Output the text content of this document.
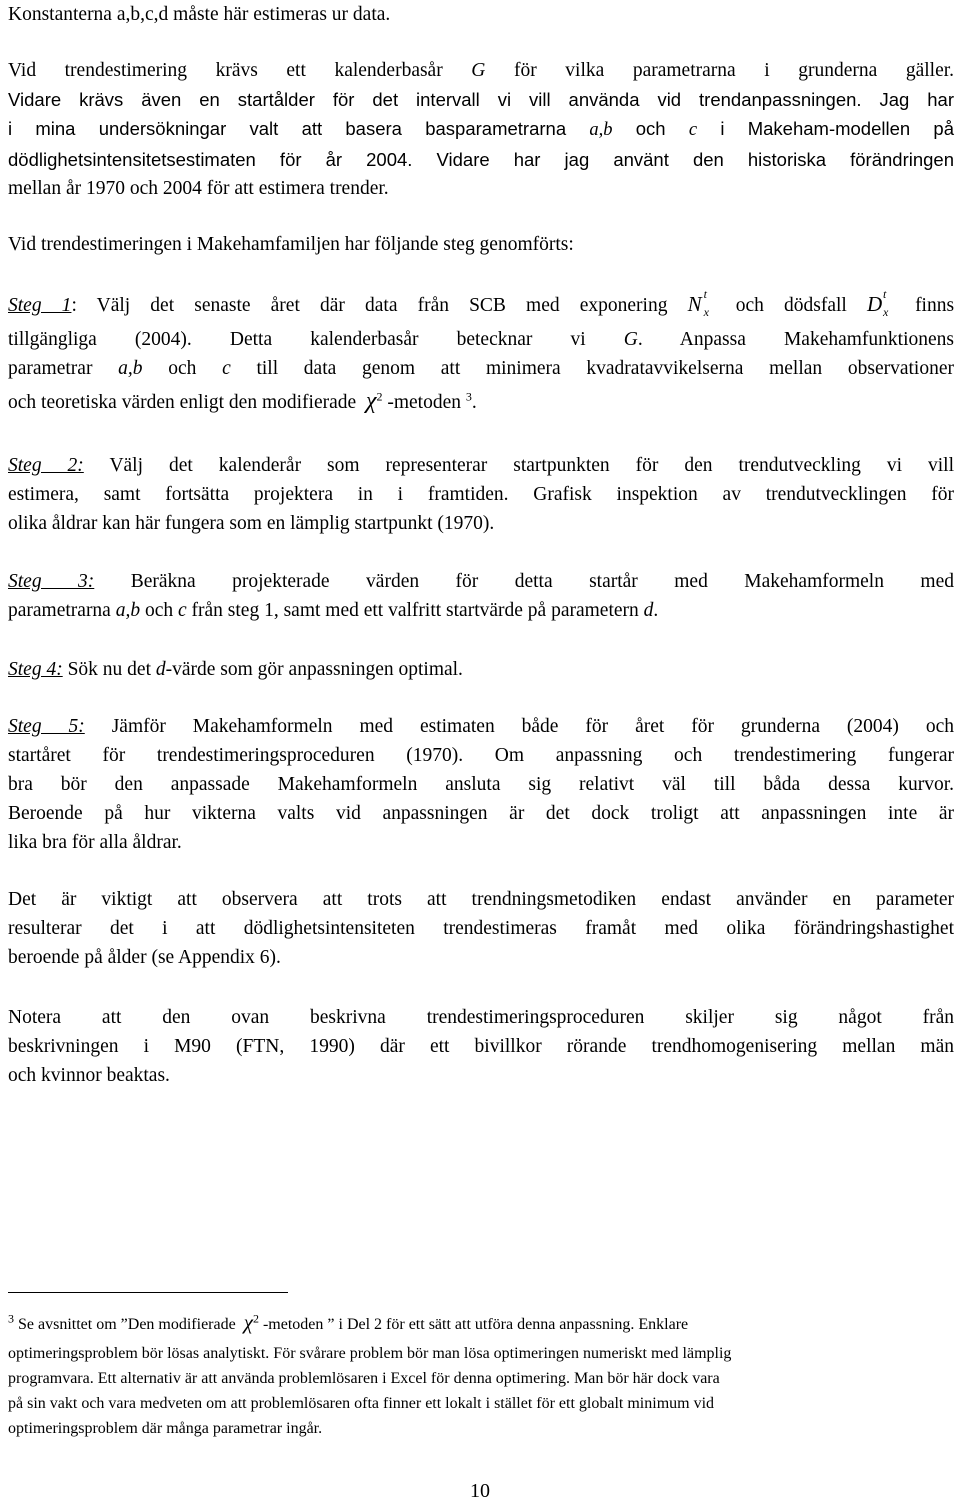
Konstanterna a,b,c,d måste här estimeras ur data.

Vid trendestimering krävs ett kalenderbasår G för vilka parametrarna i grunderna gäller.
Vidare krävs även en startålder för det intervall vi vill använda vid trendanpassningen. Jag har
i mina undersökningar valt att basera basparametrarna a,b och c i Makeham-modellen på
dödlighetsintensitetsestimaten för år 2004. Vidare har jag använt den historiska förändringen
mellan år 1970 och 2004 för att estimera trender.

Vid trendestimeringen i Makehamfamiljen har följande steg genomförts:

Steg 1: Välj det senaste året där data från SCB med exponering N t
x och dödsfall D t
x finns
tillgängliga (2004). Detta kalenderbasår betecknar vi G. Anpassa Makehamfunktionens
parametrar a,b och c till data genom att minimera kvadratavvikelserna mellan observationer
och teoretiska värden enligt den modifierade $\chi^2$ -metoden $^3$.

Steg 2: Välj det kalenderår som representerar startpunkten för den trendutveckling vi vill
estimera, samt fortsätta projektera in i framtiden. Grafisk inspektion av trendutvecklingen för
olika åldrar kan här fungera som en lämplig startpunkt (1970).

Steg 3: Beräkna projekterade värden för detta startår med Makehamformeln med
parametrarna a,b och c från steg 1, samt med ett valfritt startvärde på parametern d.

Steg 4: Sök nu det d-värde som gör anpassningen optimal.

Steg 5: Jämför Makehamformeln med estimaten både för året för grunderna (2004) och
startåret för trendestimeringsproceduren (1970). Om anpassning och trendestimering fungerar
bra bör den anpassade Makehamformeln ansluta sig relativt väl till båda dessa kurvor.
Beroende på hur vikterna valts vid anpassningen är det dock troligt att anpassningen inte är
lika bra för alla åldrar.

Det är viktigt att observera att trots att trendningsmetodiken endast använder en parameter
resulterar det i att dödlighetsintensiteten trendestimeras framåt med olika förändringshastighet
beroende på ålder (se Appendix 6).

Notera att den ovan beskrivna trendestimeringsproceduren skiljer sig något från
beskrivningen i M90 (FTN, 1990) där ett bivillkor rörande trendhomogenisering mellan män
och kvinnor beaktas.

$^3$ Se avsnittet om ”Den modifierade $\chi^2$ -metoden ” i Del 2 för ett sätt att utföra denna anpassning. Enklare
optimeringsproblem bör lösas analytiskt. För svårare problem bör man lösa optimeringen numeriskt med lämplig
programvara. Ett alternativ är att använda problemlösaren i Excel för denna optimering. Man bör här dock vara
på sin vakt och vara medveten om att problemlösaren ofta finner ett lokalt i stället för ett globalt minimum vid
optimeringsproblem där många parametrar ingår.

10
